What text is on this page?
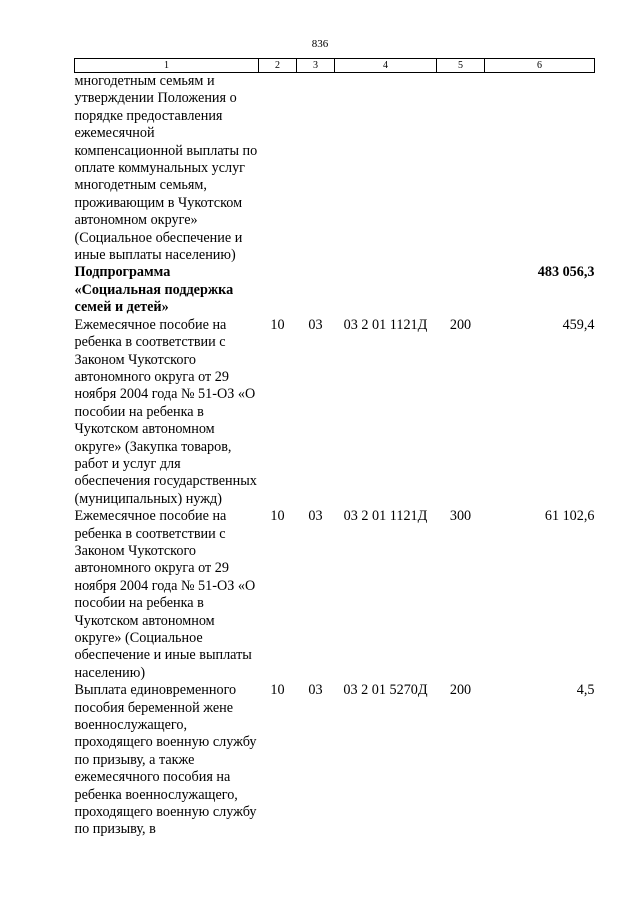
836
1	2	3	4	5	6
многодетным семьям и утверждении Положения о порядке предоставления ежемесячной компенсационной выплаты по оплате коммунальных услуг многодетным семьям, проживающим в Чукотском автономном округе» (Социальное обеспечение и иные выплаты населению)					
Подпрограмма «Социальная поддержка семей и детей»					483 056,3
Ежемесячное пособие на ребенка в соответствии с Законом Чукотского автономного округа от 29 ноября 2004 года № 51-ОЗ «О пособии на ребенка в Чукотском автономном округе» (Закупка товаров, работ и услуг для обеспечения государственных (муниципальных) нужд)	10	03	03 2 01 1121Д	200	459,4
Ежемесячное пособие на ребенка в соответствии с Законом Чукотского автономного округа от 29 ноября 2004 года № 51-ОЗ «О пособии на ребенка в Чукотском автономном округе» (Социальное обеспечение и иные выплаты населению)	10	03	03 2 01 1121Д	300	61 102,6
Выплата единовременного пособия беременной жене военнослужащего, проходящего военную службу по призыву, а также ежемесячного пособия на ребенка военнослужащего, проходящего военную службу по призыву, в	10	03	03 2 01 5270Д	200	4,5
